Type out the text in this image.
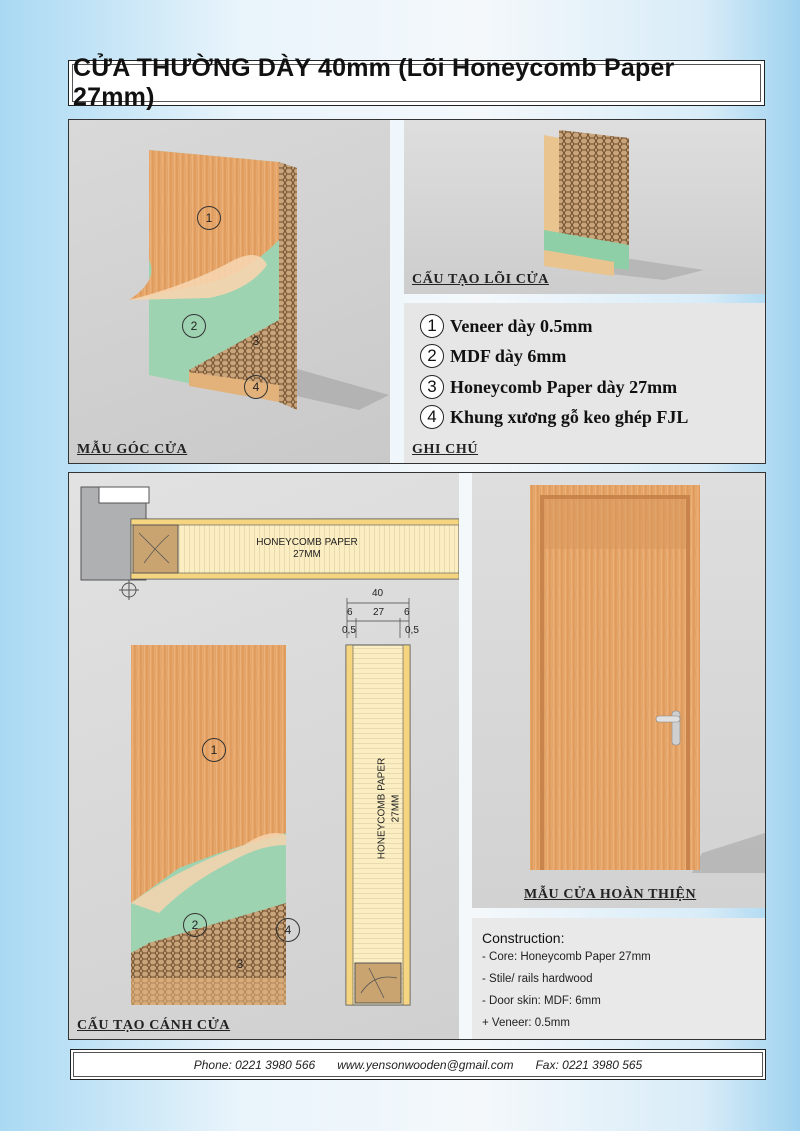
CỬA THƯỜNG DÀY 40mm (Lõi Honeycomb Paper 27mm)
1
2
3
4
MẪU GÓC CỬA
CẤU TẠO LÕI CỬA
1 Veneer dày 0.5mm
2 MDF dày 6mm
3 Honeycomb Paper dày 27mm
4 Khung xương gỗ keo ghép FJL
GHI CHÚ
HONEYCOMB PAPER
27MM
40
6 27 6
0,5	0,5
HONEYCOMB PAPER 27MM
1
2
3
4
CẤU TẠO CÁNH CỬA
MẪU CỬA HOÀN THIỆN
Construction:
- Core: Honeycomb Paper 27mm
- Stile/ rails hardwood
- Door skin: MDF: 6mm
+ Veneer: 0.5mm
Phone: 0221 3980 566 www.yensonwooden@gmail.com Fax: 0221 3980 565
